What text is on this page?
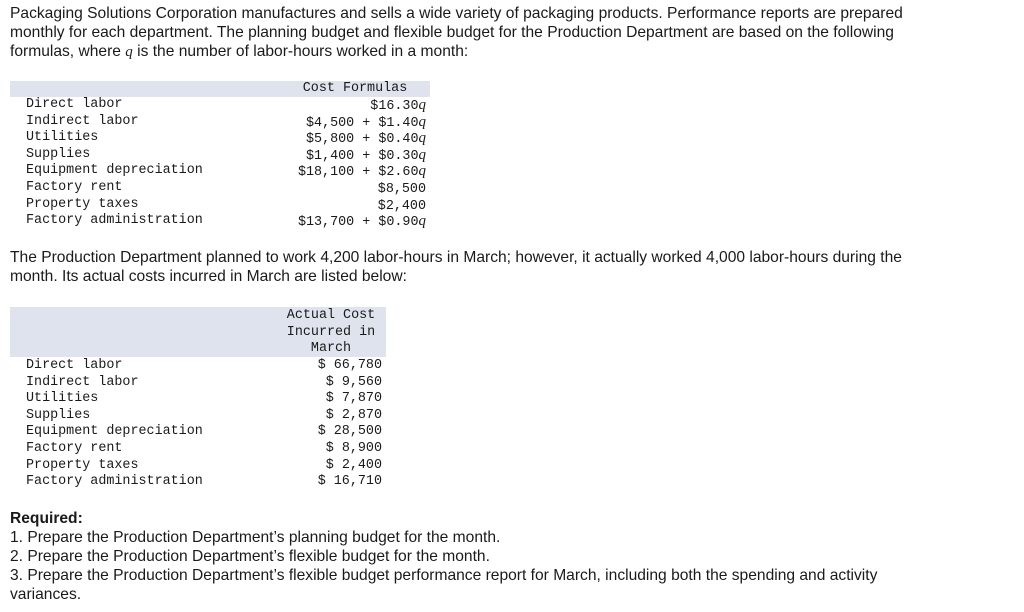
Packaging Solutions Corporation manufactures and sells a wide variety of packaging products. Performance reports are prepared
monthly for each department. The planning budget and flexible budget for the Production Department are based on the following
formulas, where q is the number of labor-hours worked in a month:
Cost Formulas
Direct labor
Indirect labor
Utilities
Supplies
Equipment depreciation
Factory rent
Property taxes
Factory administration
$16.30q
$4,500 + $1.40q
$5,800 + $0.40q
$1,400 + $0.30q
$18,100 + $2.60q
$8,500
$2,400
$13,700 + $0.90q
The Production Department planned to work 4,200 labor-hours in March; however, it actually worked 4,000 labor-hours during the
month. Its actual costs incurred in March are listed below:
Actual Cost
Incurred in
March
Direct labor
Indirect labor
Utilities
Supplies
Equipment depreciation
Factory rent
Property taxes
Factory administration
$ 66,780
$ 9,560
$ 7,870
$ 2,870
$ 28,500
$ 8,900
$ 2,400
$ 16,710
Required:
1. Prepare the Production Department’s planning budget for the month.
2. Prepare the Production Department’s flexible budget for the month.
3. Prepare the Production Department’s flexible budget performance report for March, including both the spending and activity
variances.
